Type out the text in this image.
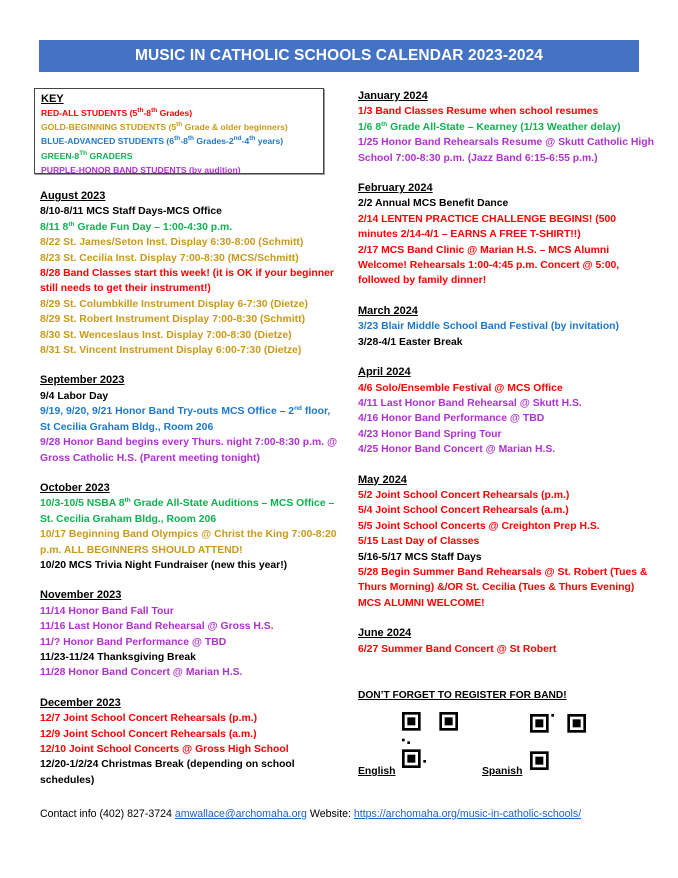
MUSIC IN CATHOLIC SCHOOLS CALENDAR 2023-2024
KEY
RED-ALL STUDENTS (5th-8th Grades)
GOLD-BEGINNING STUDENTS (5th Grade & older beginners)
BLUE-ADVANCED STUDENTS (6th-8th Grades-2nd-4th years)
GREEN-8Th GRADERS
PURPLE-HONOR BAND STUDENTS (by audition)
August 2023
8/10-8/11 MCS Staff Days-MCS Office
8/11 8th Grade Fun Day – 1:00-4:30 p.m.
8/22 St. James/Seton Inst. Display 6:30-8:00 (Schmitt)
8/23 St. Cecilia Inst. Display 7:00-8:30 (MCS/Schmitt)
8/28 Band Classes start this week! (it is OK if your beginner still needs to get their instrument!)
8/29 St. Columbkille Instrument Display 6-7:30 (Dietze)
8/29 St. Robert Instrument Display 7:00-8:30 (Schmitt)
8/30 St. Wenceslaus Inst. Display 7:00-8:30 (Dietze)
8/31 St. Vincent Instrument Display 6:00-7:30 (Dietze)
September 2023
9/4 Labor Day
9/19, 9/20, 9/21 Honor Band Try-outs MCS Office – 2nd floor, St Cecilia Graham Bldg., Room 206
9/28 Honor Band begins every Thurs. night 7:00-8:30 p.m. @ Gross Catholic H.S. (Parent meeting tonight)
October 2023
10/3-10/5 NSBA 8th Grade All-State Auditions – MCS Office – St. Cecilia Graham Bldg., Room 206
10/17 Beginning Band Olympics @ Christ the King 7:00-8:20 p.m. ALL BEGINNERS SHOULD ATTEND!
10/20 MCS Trivia Night Fundraiser (new this year!)
November 2023
11/14 Honor Band Fall Tour
11/16 Last Honor Band Rehearsal @ Gross H.S.
11/? Honor Band Performance @ TBD
11/23-11/24 Thanksgiving Break
11/28 Honor Band Concert @ Marian H.S.
December 2023
12/7 Joint School Concert Rehearsals (p.m.)
12/9 Joint School Concert Rehearsals (a.m.)
12/10 Joint School Concerts @ Gross High School
12/20-1/2/24 Christmas Break (depending on school schedules)
January 2024
1/3 Band Classes Resume when school resumes
1/6 8th Grade All-State – Kearney (1/13 Weather delay)
1/25 Honor Band Rehearsals Resume @ Skutt Catholic High School 7:00-8:30 p.m. (Jazz Band 6:15-6:55 p.m.)
February 2024
2/2 Annual MCS Benefit Dance
2/14 LENTEN PRACTICE CHALLENGE BEGINS! (500 minutes 2/14-4/1 – EARNS A FREE T-SHIRT!!)
2/17 MCS Band Clinic @ Marian H.S. – MCS Alumni Welcome! Rehearsals 1:00-4:45 p.m. Concert @ 5:00, followed by family dinner!
March 2024
3/23 Blair Middle School Band Festival (by invitation)
3/28-4/1 Easter Break
April 2024
4/6 Solo/Ensemble Festival @ MCS Office
4/11 Last Honor Band Rehearsal @ Skutt H.S.
4/16 Honor Band Performance @ TBD
4/23 Honor Band Spring Tour
4/25 Honor Band Concert @ Marian H.S.
May 2024
5/2 Joint School Concert Rehearsals (p.m.)
5/4 Joint School Concert Rehearsals (a.m.)
5/5 Joint School Concerts @ Creighton Prep H.S.
5/15 Last Day of Classes
5/16-5/17 MCS Staff Days
5/28 Begin Summer Band Rehearsals @ St. Robert (Tues & Thurs Morning) &/OR St. Cecilia (Tues & Thurs Evening) MCS ALUMNI WELCOME!
June 2024
6/27 Summer Band Concert @ St Robert
DON’T FORGET TO REGISTER FOR BAND!
English	Spanish
Contact info (402) 827-3724 amwallace@archomaha.org Website: https://archomaha.org/music-in-catholic-schools/
